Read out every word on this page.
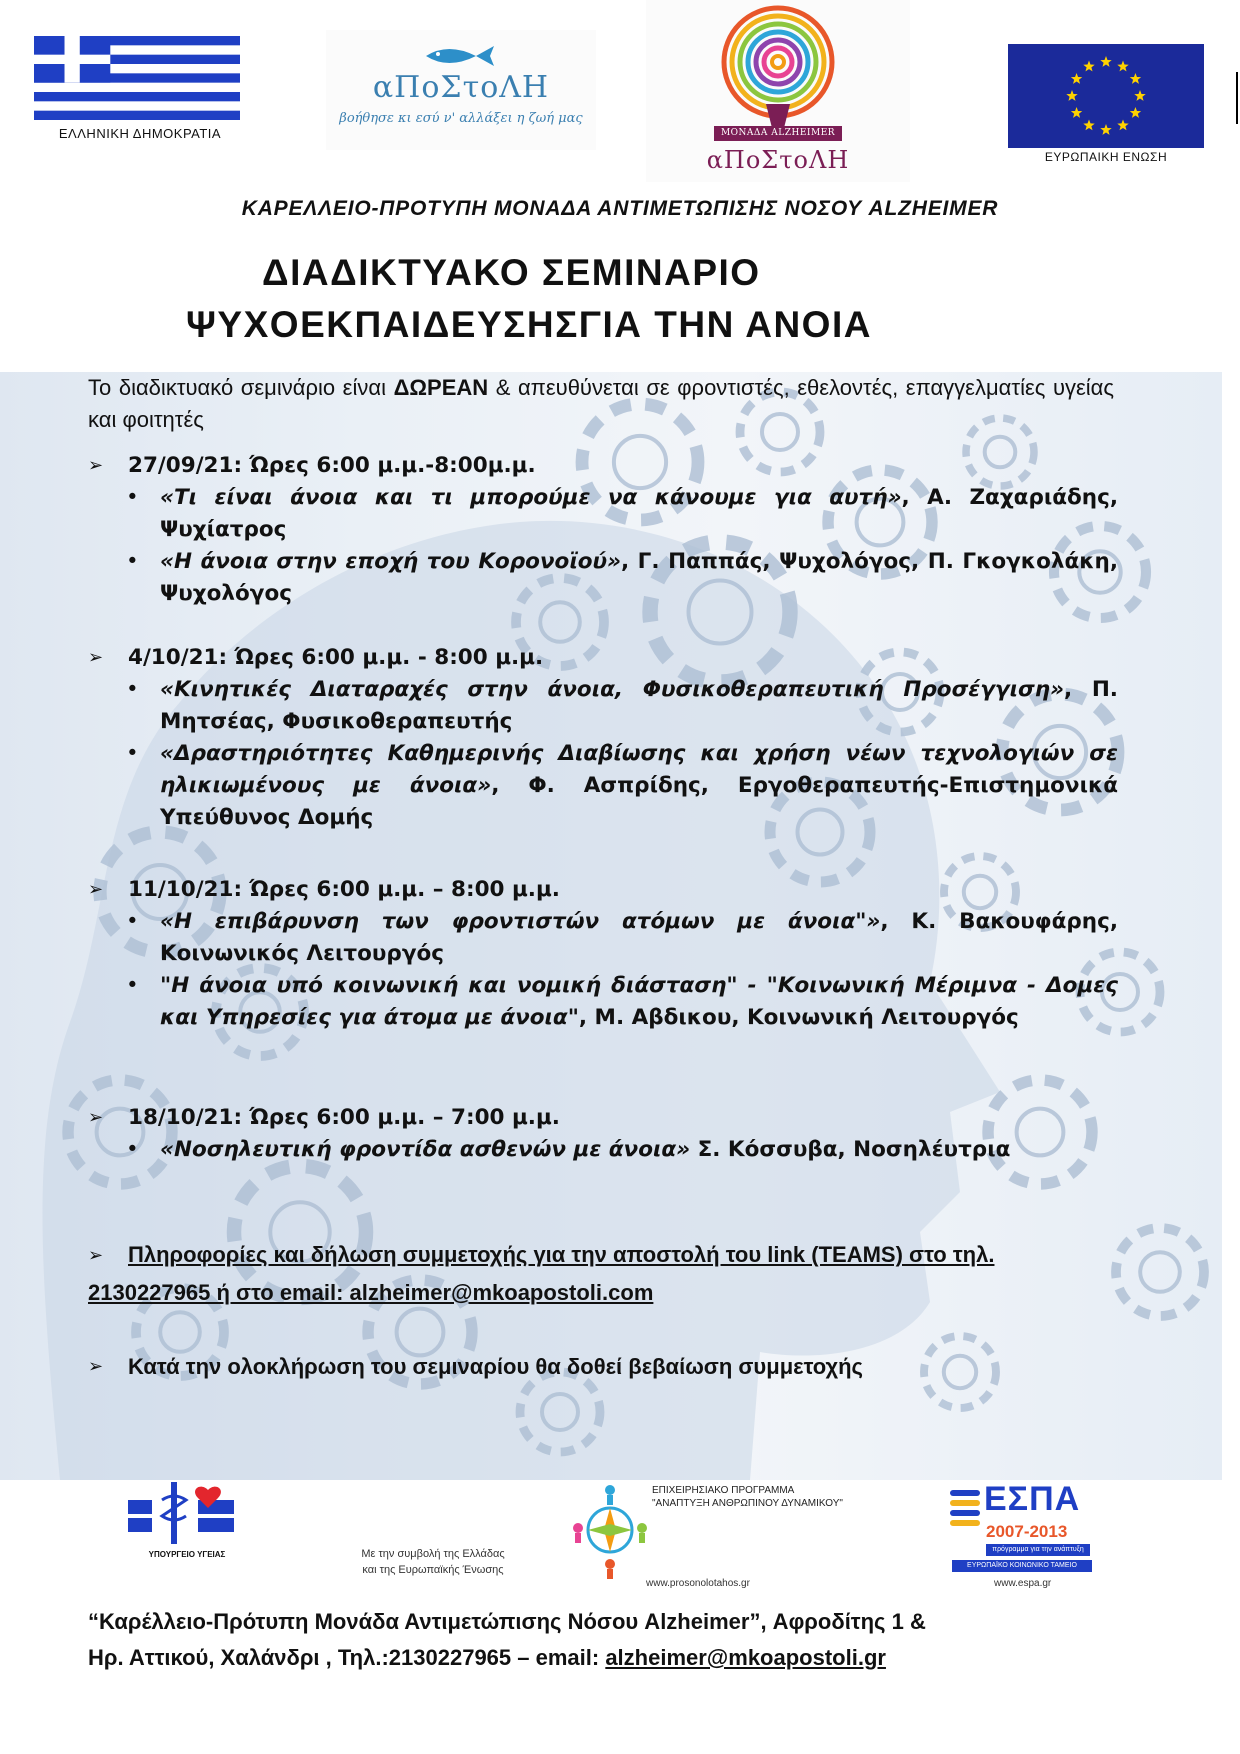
ΕΛΛΗΝΙΚΗ ΔΗΜΟΚΡΑΤΙΑ
αΠοΣτοΛΗ
βοήθησε κι εσύ ν' αλλάξει η ζωή μας
ΜΟΝΑΔΑ ALZHEIMER
αΠοΣτοΛΗ	ΕΥΡΩΠΑΙΚΗ ΕΝΩΣΗ
ΚΑΡΕΛΛΕΙΟ-ΠΡΟΤΥΠΗ ΜΟΝΑΔΑ ΑΝΤΙΜΕΤΩΠΙΣΗΣ ΝΟΣΟΥ ALZHEIMER
ΔΙΑΔΙΚΤΥΑΚΟ ΣΕΜΙΝΑΡΙΟ
ΨΥΧΟΕΚΠΑΙΔΕΥΣΗΣΓΙΑ ΤΗΝ ΑΝΟΙΑ
Το διαδικτυακό σεμινάριο είναι ΔΩΡΕΑΝ & απευθύνεται σε φροντιστές, εθελοντές, επαγγελματίες υγείας και φοιτητές
➢ 27/09/21: Ώρες 6:00 μ.μ.-8:00μ.μ.
• «Τι είναι άνοια και τι μπορούμε να κάνουμε για αυτή», Α. Ζαχαριάδης, Ψυχίατρος
• «Η άνοια στην εποχή του Κορονοϊού», Γ. Παππάς, Ψυχολόγος, Π. Γκογκολάκη, Ψυχολόγος
➢ 4/10/21: Ώρες 6:00 μ.μ. - 8:00 μ.μ.
• «Κινητικές Διαταραχές στην άνοια, Φυσικοθεραπευτική Προσέγγιση», Π. Μητσέας, Φυσικοθεραπευτής
• «Δραστηριότητες Καθημερινής Διαβίωσης και χρήση νέων τεχνολογιών σε ηλικιωμένους με άνοια», Φ. Ασπρίδης, Εργοθεραπευτής-Επιστημονικά Υπεύθυνος Δομής
➢ 11/10/21: Ώρες 6:00 μ.μ. – 8:00 μ.μ.
• «Η επιβάρυνση των φροντιστών ατόμων με άνοια"», Κ. Βακουφάρης, Κοινωνικός Λειτουργός
• "Η άνοια υπό κοινωνική και νομική διάσταση" - "Κοινωνική Μέριμνα - Δομες και Υπηρεσίες για άτομα με άνοια", Μ. Αβδικου, Κοινωνική Λειτουργός
➢ 18/10/21: Ώρες 6:00 μ.μ. – 7:00 μ.μ.
• «Νοσηλευτική φροντίδα ασθενών με άνοια» Σ. Κόσσυβα, Νοσηλέυτρια
➢ Πληροφορίες και δήλωση συμμετοχής για την αποστολή του link (TEAMS) στο τηλ.
2130227965 ή στο email: alzheimer@mkoapostoli.com
➢ Κατά την ολοκλήρωση του σεμιναρίου θα δοθεί βεβαίωση συμμετοχής
ΥΠΟΥΡΓΕΙΟ ΥΓΕΙΑΣ	Με την συμβολή της Ελλάδας
και της Ευρωπαϊκής Ένωσης
ΕΠΙΧΕΙΡΗΣΙΑΚΟ ΠΡΟΓΡΑΜΜΑ
"ΑΝΑΠΤΥΞΗ ΑΝΘΡΩΠΙΝΟΥ ΔΥΝΑΜΙΚΟΥ"
www.prosonolotahos.gr
ΕΣΠΑ
2007-2013
πρόγραμμα για την ανάπτυξη
ΕΥΡΩΠΑΪΚΟ ΚΟΙΝΩΝΙΚΟ ΤΑΜΕΙΟ
www.espa.gr
“Καρέλλειο-Πρότυπη Μονάδα Αντιμετώπισης Νόσου Alzheimer”, Αφροδίτης 1 &
Ηρ. Αττικού, Χαλάνδρι , Τηλ.:2130227965 – email: alzheimer@mkoapostoli.gr
